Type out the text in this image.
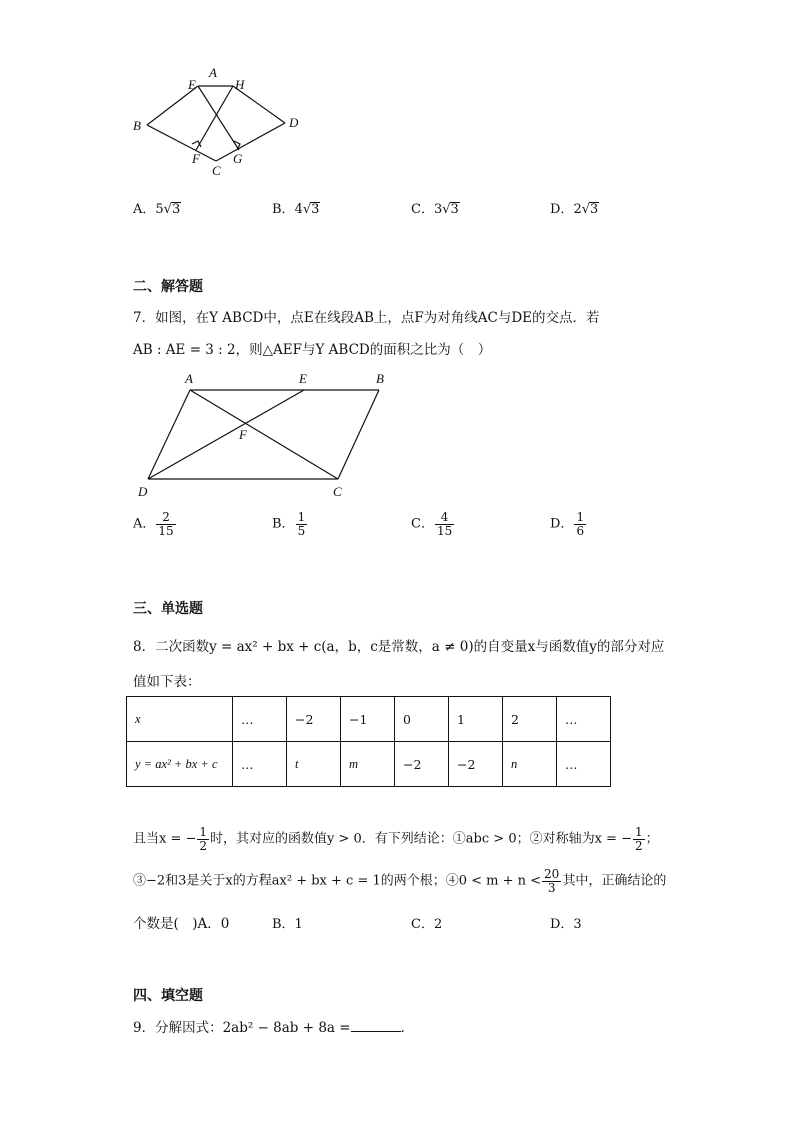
A
E	H
B	D
F	G
C
A．5√3	B．4√3	C．3√3	D．2√3
二、解答题
7．如图，在Y ABCD中，点E在线段AB上，点F为对角线AC与DE的交点．若
AB : AE = 3 : 2，则△AEF与Y ABCD的面积之比为（　）
A	E	B
F
D	C
A． $\frac{2}{15}$	B． $\frac{1}{5}$	C． $\frac{4}{15}$	D． $\frac{1}{6}$
三、单选题
8．二次函数y = ax² + bx + c(a，b，c是常数，a ≠ 0)的自变量x与函数值y的部分对应
值如下表：
x	…	−2	−1	0	1	2	…
y = ax² + bx + c	…	t	m	−2	−2	n	…
且当x = − $\frac{1}{2}$ 时，其对应的函数值y > 0．有下列结论：①abc > 0；②对称轴为x = − $\frac{1}{2}$ ；
③−2和3是关于x的方程ax² + bx + c = 1的两个根；④0 < $m + n < \frac{20}{3}$ 其中，正确结论的
个数是(　)A．0	B．1	C．2	D．3
四、填空题
9．分解因式：2ab² − 8ab + 8a =	．
